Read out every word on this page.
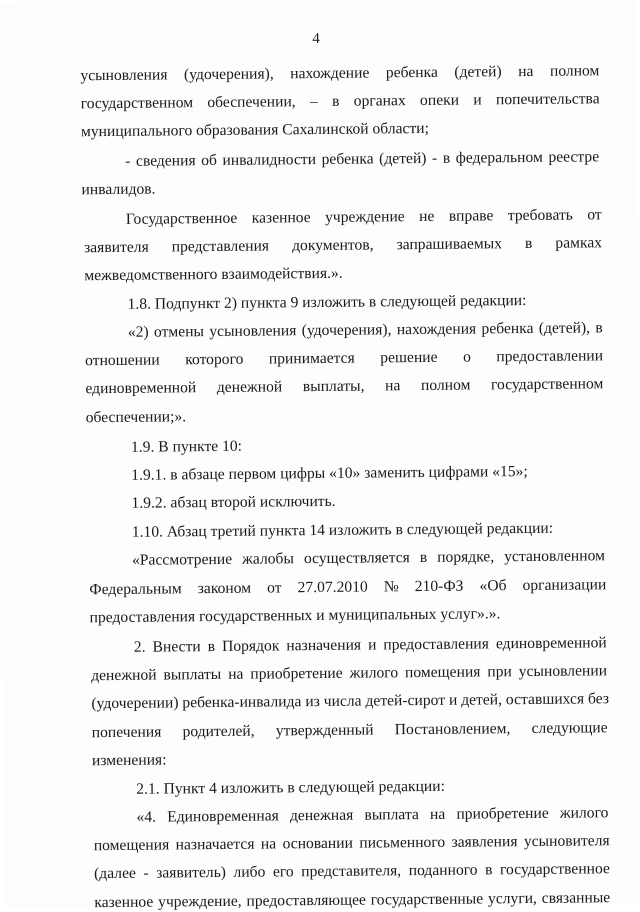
4
усыновления (удочерения), нахождение ребенка (детей) на полном
государственном обеспечении, – в органах опеки и попечительства
муниципального образования Сахалинской области;
- сведения об инвалидности ребенка (детей) - в федеральном реестре
инвалидов.
Государственное казенное учреждение не вправе требовать от
заявителя представления документов, запрашиваемых в рамках
межведомственного взаимодействия.».
1.8. Подпункт 2) пункта 9 изложить в следующей редакции:
«2) отмены усыновления (удочерения), нахождения ребенка (детей), в
отношении которого принимается решение о предоставлении
единовременной денежной выплаты, на полном государственном
обеспечении;».
1.9. В пункте 10:
1.9.1. в абзаце первом цифры «10» заменить цифрами «15»;
1.9.2. абзац второй исключить.
1.10. Абзац третий пункта 14 изложить в следующей редакции:
«Рассмотрение жалобы осуществляется в порядке, установленном
Федеральным законом от 27.07.2010 № 210-ФЗ «Об организации
предоставления государственных и муниципальных услуг».».
2. Внести в Порядок назначения и предоставления единовременной
денежной выплаты на приобретение жилого помещения при усыновлении
(удочерении) ребенка-инвалида из числа детей-сирот и детей, оставшихся без
попечения родителей, утвержденный Постановлением, следующие
изменения:
2.1. Пункт 4 изложить в следующей редакции:
«4. Единовременная денежная выплата на приобретение жилого
помещения назначается на основании письменного заявления усыновителя
(далее - заявитель) либо его представителя, поданного в государственное
казенное учреждение, предоставляющее государственные услуги, связанные
